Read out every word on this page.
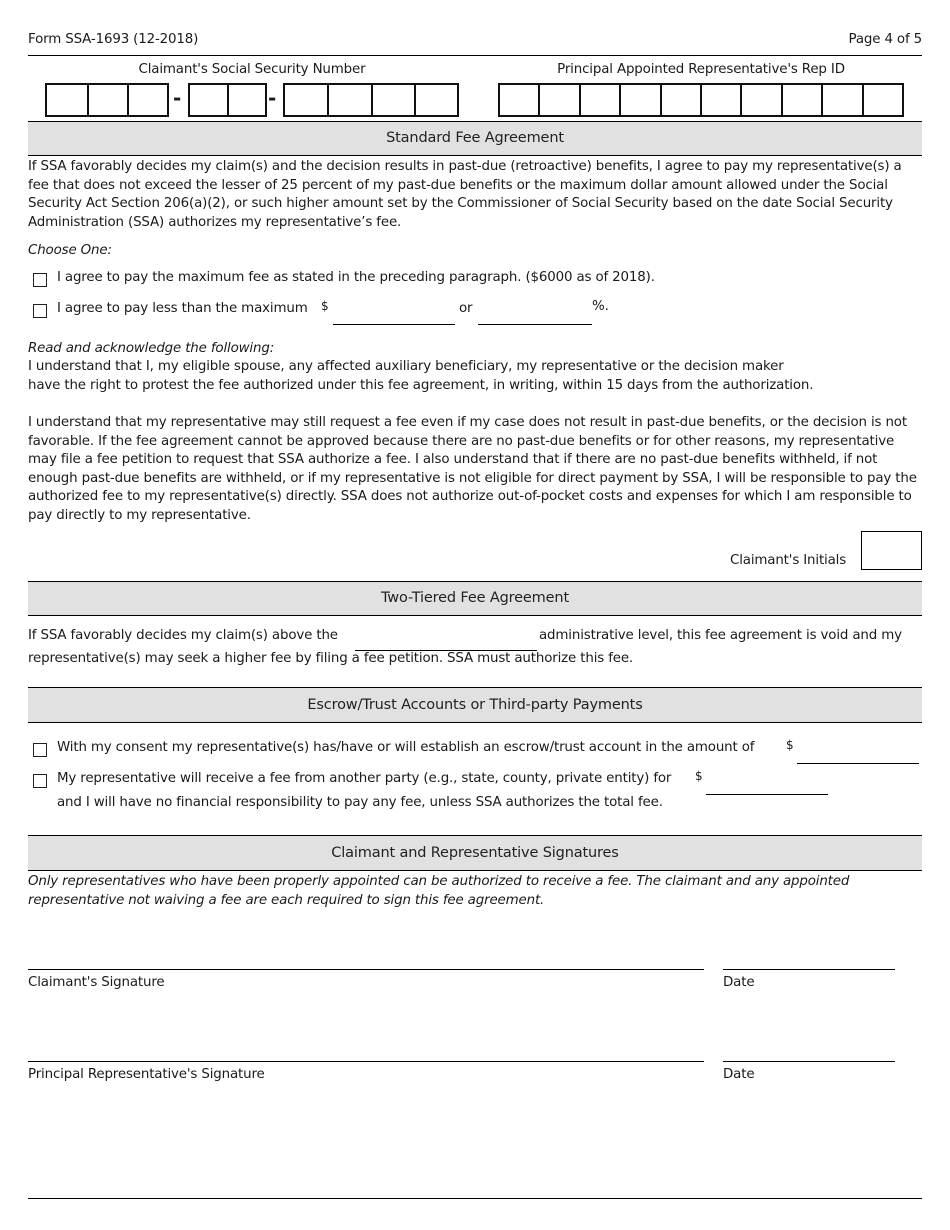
Form SSA-1693 (12-2018)	Page 4 of 5
Claimant's Social Security Number
-	-
Principal Appointed Representative's Rep ID
Standard Fee Agreement
If SSA favorably decides my claim(s) and the decision results in past-due (retroactive) benefits, I agree to pay my representative(s) a fee that does not exceed the lesser of 25 percent of my past-due benefits or the maximum dollar amount allowed under the Social Security Act Section 206(a)(2), or such higher amount set by the Commissioner of Social Security based on the date Social Security Administration (SSA) authorizes my representative’s fee.
Choose One:
I agree to pay the maximum fee as stated in the preceding paragraph. ($6000 as of 2018).
I agree to pay less than the maximum $	or	%.
Read and acknowledge the following:
I understand that I, my eligible spouse, any affected auxiliary beneficiary, my representative or the decision maker
have the right to protest the fee authorized under this fee agreement, in writing, within 15 days from the authorization.
I understand that my representative may still request a fee even if my case does not result in past-due benefits, or the decision is not favorable. If the fee agreement cannot be approved because there are no past-due benefits or for other reasons, my representative may file a fee petition to request that SSA authorize a fee. I also understand that if there are no past-due benefits withheld, if not enough past-due benefits are withheld, or if my representative is not eligible for direct payment by SSA, I will be responsible to pay the authorized fee to my representative(s) directly. SSA does not authorize out-of-pocket costs and expenses for which I am responsible to pay directly to my representative.
Claimant's Initials
Two-Tiered Fee Agreement
If SSA favorably decides my claim(s) above the	administrative level, this fee agreement is void and my
representative(s) may seek a higher fee by filing a fee petition. SSA must authorize this fee.
Escrow/Trust Accounts or Third-party Payments
With my consent my representative(s) has/have or will establish an escrow/trust account in the amount of	$
My representative will receive a fee from another party (e.g., state, county, private entity) for $
and I will have no financial responsibility to pay any fee, unless SSA authorizes the total fee.
Claimant and Representative Signatures
Only representatives who have been properly appointed can be authorized to receive a fee. The claimant and any appointed representative not waiving a fee are each required to sign this fee agreement.
Claimant's Signature	Date
Principal Representative's Signature	Date
